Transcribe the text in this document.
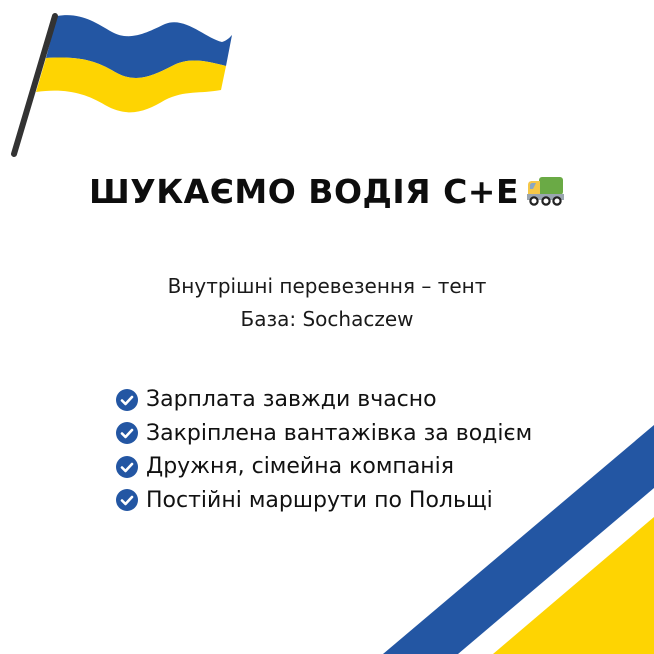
ШУКАЄМО ВОДІЯ C+E
Внутрішні перевезення – тент
База: Sochaczew
Зарплата завжди вчасно
Закріплена вантажівка за водієм
Дружня, сімейна компанія
Постійні маршрути по Польщі
